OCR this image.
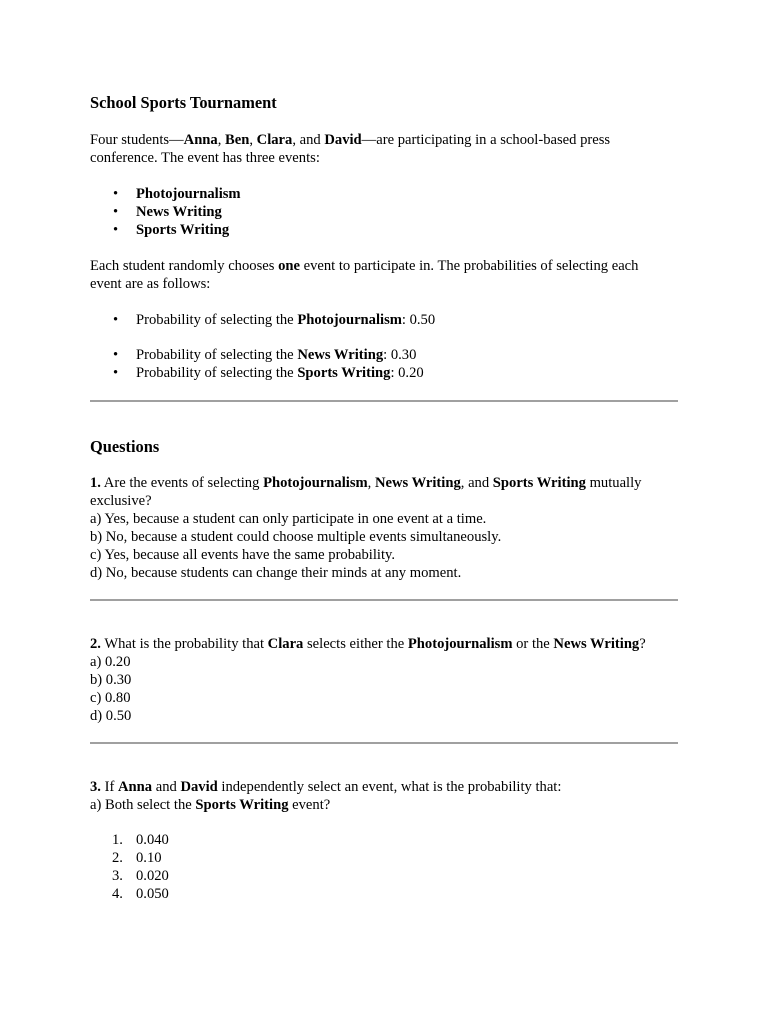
School Sports Tournament
Four students—Anna, Ben, Clara, and David—are participating in a school-based press
conference. The event has three events:
• Photojournalism
• News Writing
• Sports Writing
Each student randomly chooses one event to participate in. The probabilities of selecting each
event are as follows:
• Probability of selecting the Photojournalism: 0.50
• Probability of selecting the News Writing: 0.30
• Probability of selecting the Sports Writing: 0.20
Questions
1. Are the events of selecting Photojournalism, News Writing, and Sports Writing mutually
exclusive?
a) Yes, because a student can only participate in one event at a time.
b) No, because a student could choose multiple events simultaneously.
c) Yes, because all events have the same probability.
d) No, because students can change their minds at any moment.
2. What is the probability that Clara selects either the Photojournalism or the News Writing?
a) 0.20
b) 0.30
c) 0.80
d) 0.50
3. If Anna and David independently select an event, what is the probability that:
a) Both select the Sports Writing event?
1. 0.040
2. 0.10
3. 0.020
4. 0.050
